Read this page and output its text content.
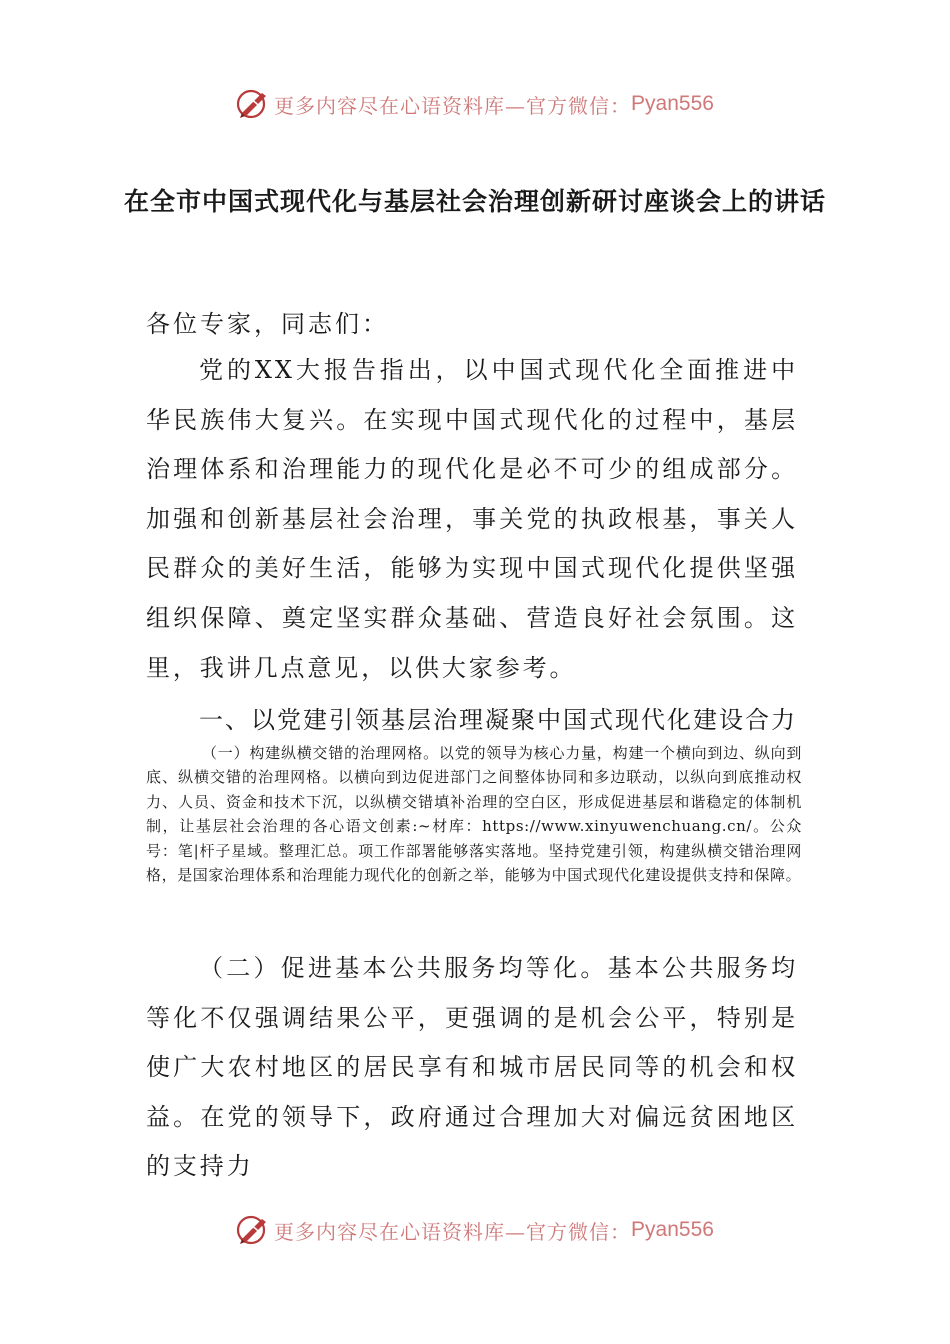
更多内容尽在心语资料库—官方微信： Pyan556
在全市中国式现代化与基层社会治理创新研讨座谈会上的讲话
各位专家，同志们：

党的XX大报告指出，以中国式现代化全面推进中华民族伟大复兴。在实现中国式现代化的过程中，基层治理体系和治理能力的现代化是必不可少的组成部分。加强和创新基层社会治理，事关党的执政根基，事关人民群众的美好生活，能够为实现中国式现代化提供坚强组织保障、奠定坚实群众基础、营造良好社会氛围。这里，我讲几点意见，以供大家参考。

一、以党建引领基层治理凝聚中国式现代化建设合力

（一）构建纵横交错的治理网格。以党的领导为核心力量，构建一个横向到边、纵向到底、纵横交错的治理网格。以横向到边促进部门之间整体协同和多边联动，以纵向到底推动权力、人员、资金和技术下沉，以纵横交错填补治理的空白区，形成促进基层和谐稳定的体制机制，让基层社会治理的各心语文创素:~材库：https://www.xinyuwenchuang.cn/。公众号：笔|杆子星域。整理汇总。项工作部署能够落实落地。坚持党建引领，构建纵横交错治理网格，是国家治理体系和治理能力现代化的创新之举，能够为中国式现代化建设提供支持和保障。

（二）促进基本公共服务均等化。基本公共服务均等化不仅强调结果公平，更强调的是机会公平，特别是使广大农村地区的居民享有和城市居民同等的机会和权益。在党的领导下，政府通过合理加大对偏远贫困地区的支持力

更多内容尽在心语资料库—官方微信： Pyan556
